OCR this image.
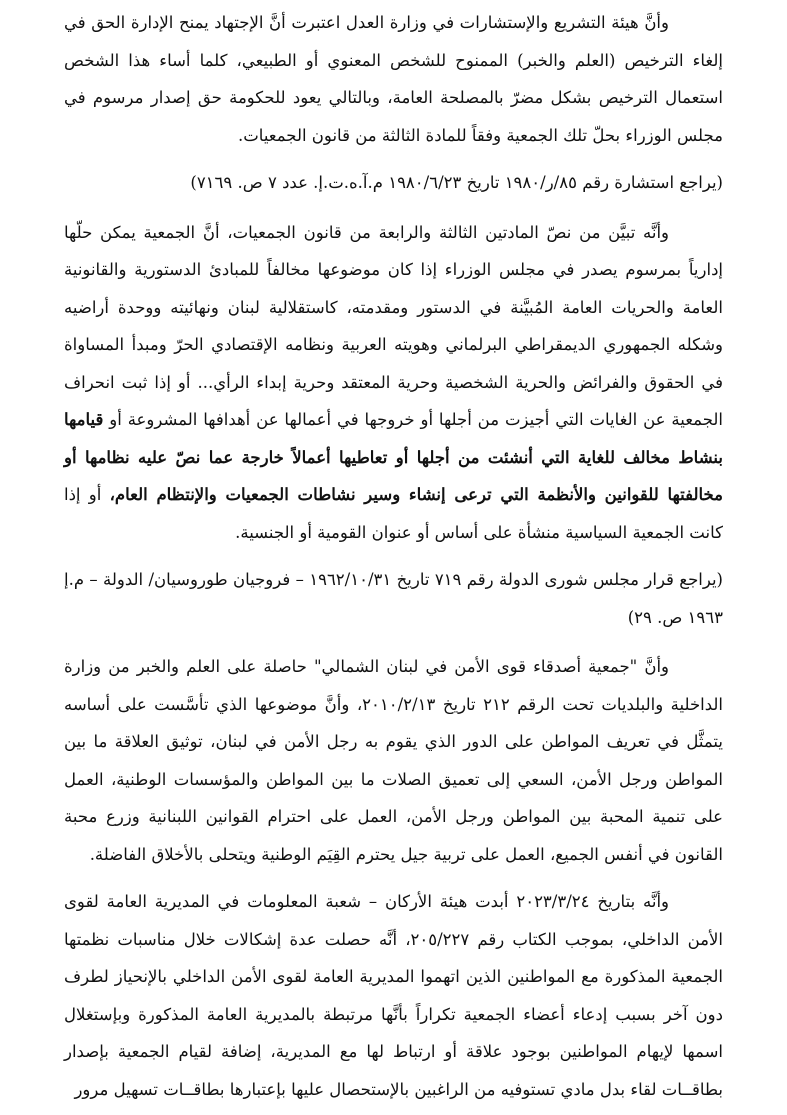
وأنَّ هيئة التشريع والإستشارات في وزارة العدل اعتبرت أنَّ الإجتهاد يمنح الإدارة الحق في إلغاء الترخيص (العلم والخبر) الممنوح للشخص المعنوي أو الطبيعي، كلما أساء هذا الشخص استعمال الترخيص بشكل مضرّ بالمصلحة العامة، وبالتالي يعود للحكومة حق إصدار مرسوم في مجلس الوزراء بحلّ تلك الجمعية وفقاً للمادة الثالثة من قانون الجمعيات.

(يراجع استشارة رقم ٨٥/ر/١٩٨٠ تاريخ ١٩٨٠/٦/٢٣ م.آ.ه.ت.إ. عدد ٧ ص. ٧١٦٩)

وأنَّه تبيَّن من نصّ المادتين الثالثة والرابعة من قانون الجمعيات، أنَّ الجمعية يمكن حلّها إدارياً بمرسوم يصدر في مجلس الوزراء إذا كان موضوعها مخالفاً للمبادئ الدستورية والقانونية العامة والحريات العامة المُبيَّنة في الدستور ومقدمته، كاستقلالية لبنان ونهائيته ووحدة أراضيه وشكله الجمهوري الديمقراطي البرلماني وهويته العربية ونظامه الإقتصادي الحرّ ومبدأ المساواة في الحقوق والفرائض والحرية الشخصية وحرية المعتقد وحرية إبداء الرأي... أو إذا ثبت انحراف الجمعية عن الغايات التي أجيزت من أجلها أو خروجها في أعمالها عن أهدافها المشروعة أو قيامها بنشاط مخالف للغاية التي أنشئت من أجلها أو تعاطيها أعمالاً خارجة عما نصّ عليه نظامها أو مخالفتها للقوانين والأنظمة التي ترعى إنشاء وسير نشاطات الجمعيات والإنتظام العام، أو إذا كانت الجمعية السياسية منشأة على أساس أو عنوان القومية أو الجنسية.

(يراجع قرار مجلس شورى الدولة رقم ٧١٩ تاريخ ١٩٦٢/١٠/٣١ – فروجيان طوروسيان/ الدولة – م.إ ١٩٦٣ ص. ٢٩)

وأنَّ "جمعية أصدقاء قوى الأمن في لبنان الشمالي" حاصلة على العلم والخبر من وزارة الداخلية والبلديات تحت الرقم ٢١٢ تاريخ ٢٠١٠/٢/١٣، وأنَّ موضوعها الذي تأسَّست على أساسه يتمثَّل في تعريف المواطن على الدور الذي يقوم به رجل الأمن في لبنان، توثيق العلاقة ما بين المواطن ورجل الأمن، السعي إلى تعميق الصلات ما بين المواطن والمؤسسات الوطنية، العمل على تنمية المحبة بين المواطن ورجل الأمن، العمل على احترام القوانين اللبنانية وزرع محبة القانون في أنفس الجميع، العمل على تربية جيل يحترم القِيَم الوطنية ويتحلى بالأخلاق الفاضلة.

وأنَّه بتاريخ ٢٠٢٣/٣/٢٤ أبدت هيئة الأركان – شعبة المعلومات في المديرية العامة لقوى الأمن الداخلي، بموجب الكتاب رقم ٢٠٥/٢٢٧، أنَّه حصلت عدة إشكالات خلال مناسبات نظمتها الجمعية المذكورة مع المواطنين الذين اتهموا المديرية العامة لقوى الأمن الداخلي بالإنحياز لطرف دون آخر بسبب إدعاء أعضاء الجمعية تكراراً بأنَّها مرتبطة بالمديرية العامة المذكورة وبإستغلال اسمها لإيهام المواطنين بوجود علاقة أو ارتباط لها مع المديرية، إضافة لقيام الجمعية بإصدار بطاقــات لقاء بدل مادي تستوفيه من الراغبين بالإستحصال عليها بإعتبارها بطاقــات تسهيل مرور
